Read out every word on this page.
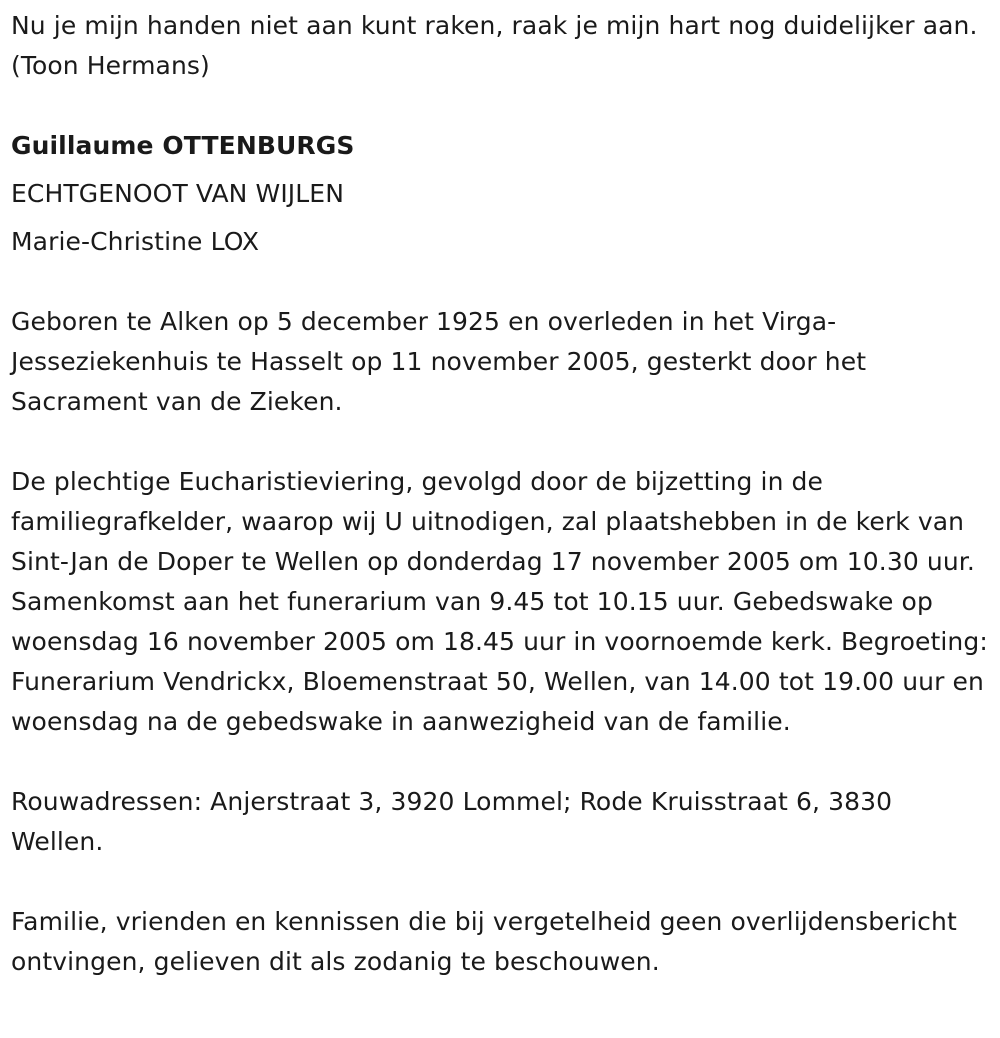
Nu je mijn handen niet aan kunt raken, raak je mijn hart nog duidelijker aan. (Toon Hermans)

Guillaume OTTENBURGS

ECHTGENOOT VAN WIJLEN

Marie-Christine LOX

Geboren te Alken op 5 december 1925 en overleden in het Virga-Jesseziekenhuis te Hasselt op 11 november 2005, gesterkt door het Sacrament van de Zieken.

De plechtige Eucharistieviering, gevolgd door de bijzetting in de familiegrafkelder, waarop wij U uitnodigen, zal plaatshebben in de kerk van Sint-Jan de Doper te Wellen op donderdag 17 november 2005 om 10.30 uur. Samenkomst aan het funerarium van 9.45 tot 10.15 uur. Gebedswake op woensdag 16 november 2005 om 18.45 uur in voornoemde kerk. Begroeting: Funerarium Vendrickx, Bloemenstraat 50, Wellen, van 14.00 tot 19.00 uur en woensdag na de gebedswake in aanwezigheid van de familie.

Rouwadressen: Anjerstraat 3, 3920 Lommel; Rode Kruisstraat 6, 3830 Wellen.

Familie, vrienden en kennissen die bij vergetelheid geen overlijdensbericht ontvingen, gelieven dit als zodanig te beschouwen.
